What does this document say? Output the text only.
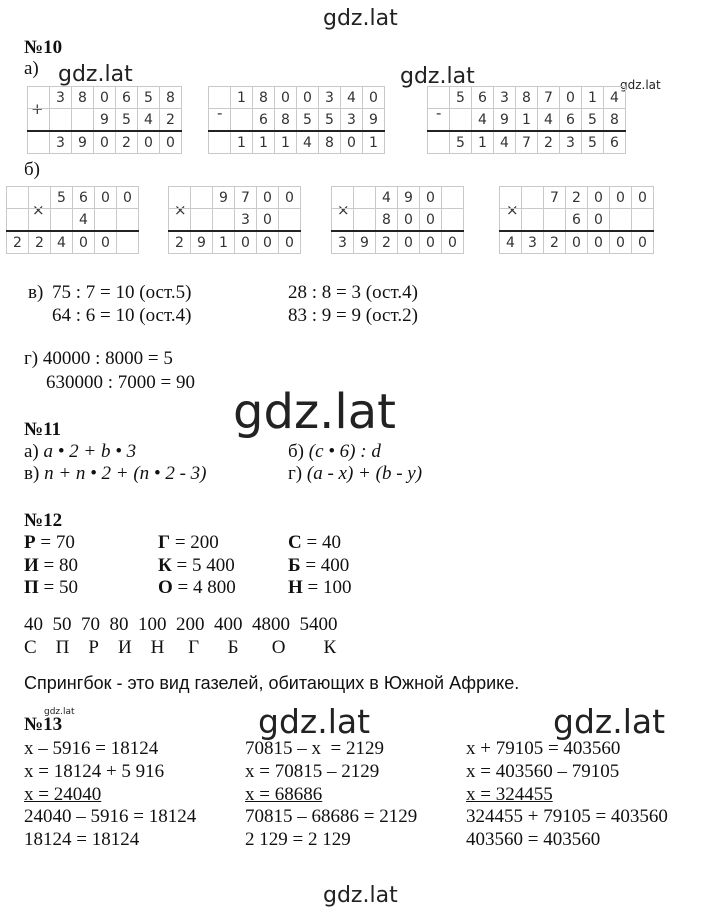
gdz.lat
gdz.lat	gdz.lat	gdz.lat
gdz.lat
gdz.lat	gdz.lat	gdz.lat
gdz.lat
№10
а)
+
	3	8	0	6	5	8
			9	5	4	2
	3	9	0	2	0	0
-
	1	8	0	0	3	4	0
		6	8	5	5	3	9
	1	1	1	4	8	0	1
-
	5	6	3	8	7	0	1	4
		4	9	1	4	6	5	8
	5	1	4	7	2	3	5	6
б)
×
		5	6	0	0
			4		
2	2	4	0	0	
×
		9	7	0	0
			3	0	
2	9	1	0	0	0
×
		4	9	0	
		8	0	0	
3	9	2	0	0	0
×
		7	2	0	0	0
			6	0		
4	3	2	0	0	0	0
в) 75 : 7 = 10 (ост.5)	28 : 8 = 3 (ост.4)
64 : 6 = 10 (ост.4)	83 : 9 = 9 (ост.2)
г) 40000 : 8000 = 5
630000 : 7000 = 90
№11
а) a • 2 + b • 3	б) (c • 6) : d
в) n + n • 2 + (n • 2 - 3)	г) (a - x) + (b - y)
№12
Р = 70	Г = 200	С = 40
И = 80	К = 5 400	Б = 400
П = 50	О = 4 800	Н = 100
40  50  70  80  100  200  400  4800  5400
С    П    Р    И    Н     Г      Б       О        К
Спрингбок - это вид газелей, обитающих в Южной Африке.
№13
х – 5916 = 18124
х = 18124 + 5 916
х = 24040
24040 – 5916 = 18124
18124 = 18124
70815 – х  = 2129
х = 70815 – 2129
х = 68686
70815 – 68686 = 2129
2 129 = 2 129
х + 79105 = 403560
х = 403560 – 79105
х = 324455
324455 + 79105 = 403560
403560 = 403560
